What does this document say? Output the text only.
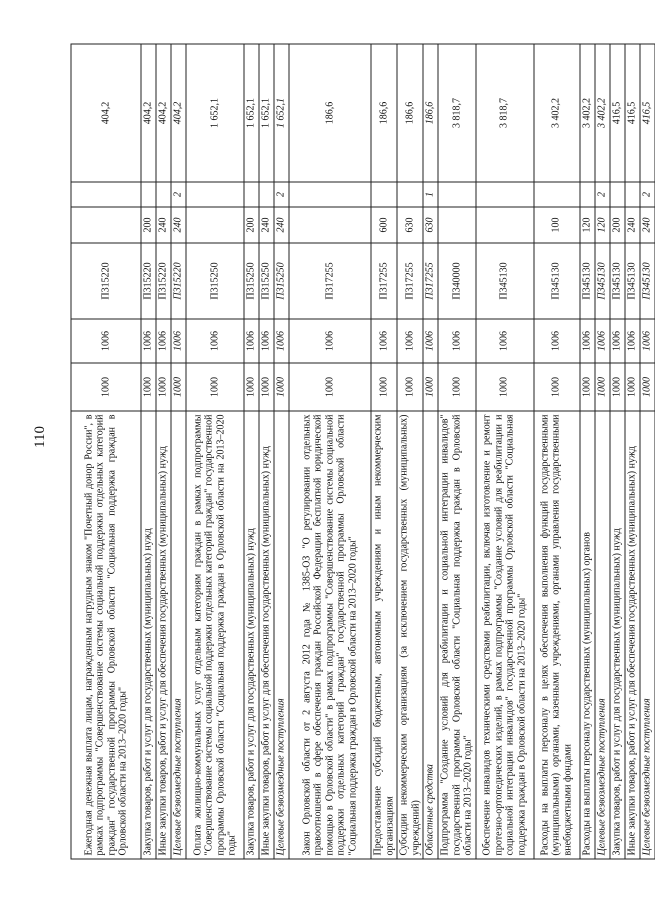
110	Ежегодная денежная выплата лицам, награжденным нагрудным знаком "Почетный донор России", в рамках подпрограммы "Совершенствование системы социальной поддержки отдельных категорий граждан" государственной программы Орловской области "Социальная поддержка граждан в Орловской области на 2013–2020 годы"	1000	1006	П315220			404,2
Закупка товаров, работ и услуг для государственных (муниципальных) нужд	1000	1006	П315220	200		404,2
Иные закупки товаров, работ и услуг для обеспечения государственных (муниципальных) нужд	1000	1006	П315220	240		404,2
Целевые безвозмездные поступления	1000	1006	П315220	240	2	404,2
Оплата жилищно-коммунальных услуг отдельным категориям граждан в рамках подпрограммы "Совершенствование системы социальной поддержки отдельных категорий граждан" государственной программы Орловской области "Социальная поддержка граждан в Орловской области на 2013–2020 годы"	1000	1006	П315250			1 652,1
Закупка товаров, работ и услуг для государственных (муниципальных) нужд	1000	1006	П315250	200		1 652,1
Иные закупки товаров, работ и услуг для обеспечения государственных (муниципальных) нужд	1000	1006	П315250	240		1 652,1
Целевые безвозмездные поступления	1000	1006	П315250	240	2	1 652,1
Закон Орловской области от 2 августа 2012 года № 1385-ОЗ "О регулировании отдельных правоотношений в сфере обеспечения граждан Российской Федерации бесплатной юридической помощью в Орловской области" в рамках подпрограммы "Совершенствование системы социальной поддержки отдельных категорий граждан" государственной программы Орловской области "Социальная поддержка граждан в Орловской области на 2013–2020 годы"	1000	1006	П317255			186,6
Предоставление субсидий бюджетным, автономным учреждениям и иным некоммерческим организациям	1000	1006	П317255	600		186,6
Субсидии некоммерческим организациям (за исключением государственных (муниципальных) учреждений)	1000	1006	П317255	630		186,6
Областные средства	1000	1006	П317255	630	1	186,6
Подпрограмма "Создание условий для реабилитации и социальной интеграции инвалидов" государственной программы Орловской области "Социальная поддержка граждан в Орловской области на 2013–2020 годы"	1000	1006	П340000			3 818,7
Обеспечение инвалидов техническими средствами реабилитации, включая изготовление и ремонт протезно-ортопедических изделий, в рамках подпрограммы "Создание условий для реабилитации и социальной интеграции инвалидов" государственной программы Орловской области "Социальная поддержка граждан в Орловской области на 2013–2020 годы"	1000	1006	П345130			3 818,7
Расходы на выплаты персоналу в целях обеспечения выполнения функций государственными (муниципальными) органами, казенными учреждениями, органами управления государственными внебюджетными фондами	1000	1006	П345130	100		3 402,2
Расходы на выплаты персоналу государственных (муниципальных) органов	1000	1006	П345130	120		3 402,2
Целевые безвозмездные поступления	1000	1006	П345130	120	2	3 402,2
Закупка товаров, работ и услуг для государственных (муниципальных) нужд	1000	1006	П345130	200		416,5
Иные закупки товаров, работ и услуг для обеспечения государственных (муниципальных) нужд	1000	1006	П345130	240		416,5
Целевые безвозмездные поступления	1000	1006	П345130	240	2	416,5
